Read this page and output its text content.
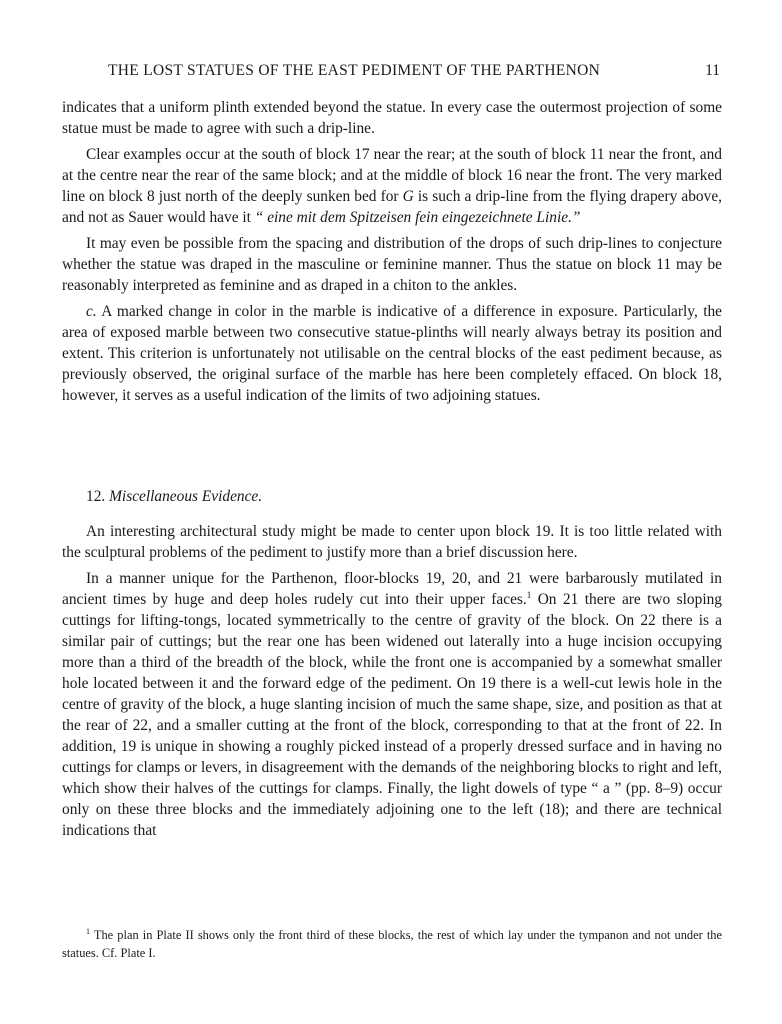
THE LOST STATUES OF THE EAST PEDIMENT OF THE PARTHENON	11

indicates that a uniform plinth extended beyond the statue. In every case the outermost projection of some statue must be made to agree with such a drip-line.

Clear examples occur at the south of block 17 near the rear; at the south of block 11 near the front, and at the centre near the rear of the same block; and at the middle of block 16 near the front. The very marked line on block 8 just north of the deeply sunken bed for G is such a drip-line from the flying drapery above, and not as Sauer would have it “ eine mit dem Spitzeisen fein eingezeichnete Linie.”

It may even be possible from the spacing and distribution of the drops of such drip-lines to conjecture whether the statue was draped in the masculine or feminine manner. Thus the statue on block 11 may be reasonably interpreted as feminine and as draped in a chiton to the ankles.

c. A marked change in color in the marble is indicative of a difference in exposure. Particularly, the area of exposed marble between two consecutive statue-plinths will nearly always betray its position and extent. This criterion is unfortunately not utilisable on the central blocks of the east pediment because, as previously observed, the original surface of the marble has here been completely effaced. On block 18, however, it serves as a useful indication of the limits of two adjoining statues.

12. Miscellaneous Evidence.

An interesting architectural study might be made to center upon block 19. It is too little related with the sculptural problems of the pediment to justify more than a brief discussion here.

In a manner unique for the Parthenon, floor-blocks 19, 20, and 21 were barbarously mutilated in ancient times by huge and deep holes rudely cut into their upper faces.$^1$ On 21 there are two sloping cuttings for lifting-tongs, located symmetrically to the centre of gravity of the block. On 22 there is a similar pair of cuttings; but the rear one has been widened out laterally into a huge incision occupying more than a third of the breadth of the block, while the front one is accompanied by a somewhat smaller hole located between it and the forward edge of the pediment. On 19 there is a well-cut lewis hole in the centre of gravity of the block, a huge slanting incision of much the same shape, size, and position as that at the rear of 22, and a smaller cutting at the front of the block, corresponding to that at the front of 22. In addition, 19 is unique in showing a roughly picked instead of a properly dressed surface and in having no cuttings for clamps or levers, in disagreement with the demands of the neighboring blocks to right and left, which show their halves of the cuttings for clamps. Finally, the light dowels of type “ a ” (pp. 8–9) occur only on these three blocks and the immediately adjoining one to the left (18); and there are technical indications that

$^1$ The plan in Plate II shows only the front third of these blocks, the rest of which lay under the tympanon and not under the statues. Cf. Plate I.
